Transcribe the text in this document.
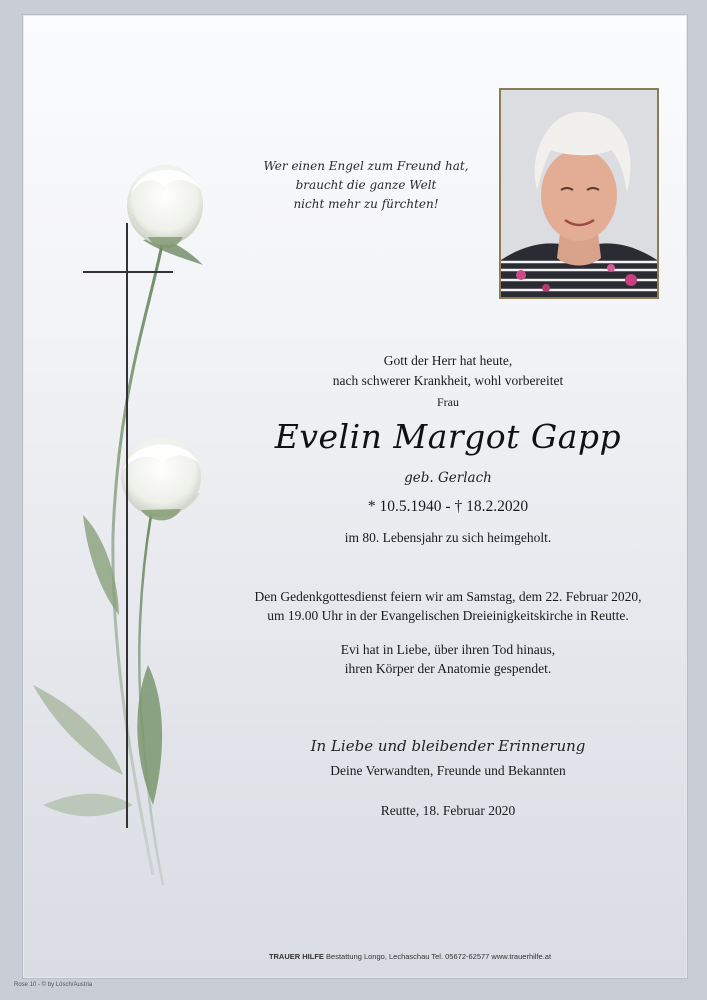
Wer einen Engel zum Freund hat,
braucht die ganze Welt
nicht mehr zu fürchten!
Gott der Herr hat heute,
nach schwerer Krankheit, wohl vorbereitet
Frau
Evelin Margot Gapp
geb. Gerlach
* 10.5.1940 - † 18.2.2020
im 80. Lebensjahr zu sich heimgeholt.
Den Gedenkgottesdienst feiern wir am Samstag, dem 22. Februar 2020,
um 19.00 Uhr in der Evangelischen Dreieinigkeitskirche in Reutte.
Evi hat in Liebe, über ihren Tod hinaus,
ihren Körper der Anatomie gespendet.
In Liebe und bleibender Erinnerung
Deine Verwandten, Freunde und Bekannten
Reutte, 18. Februar 2020
TRAUER HILFE Bestattung Longo, Lechaschau Tel. 05672-62577 www.trauerhilfe.at
Rose 10 - © by Lösch/Austria
